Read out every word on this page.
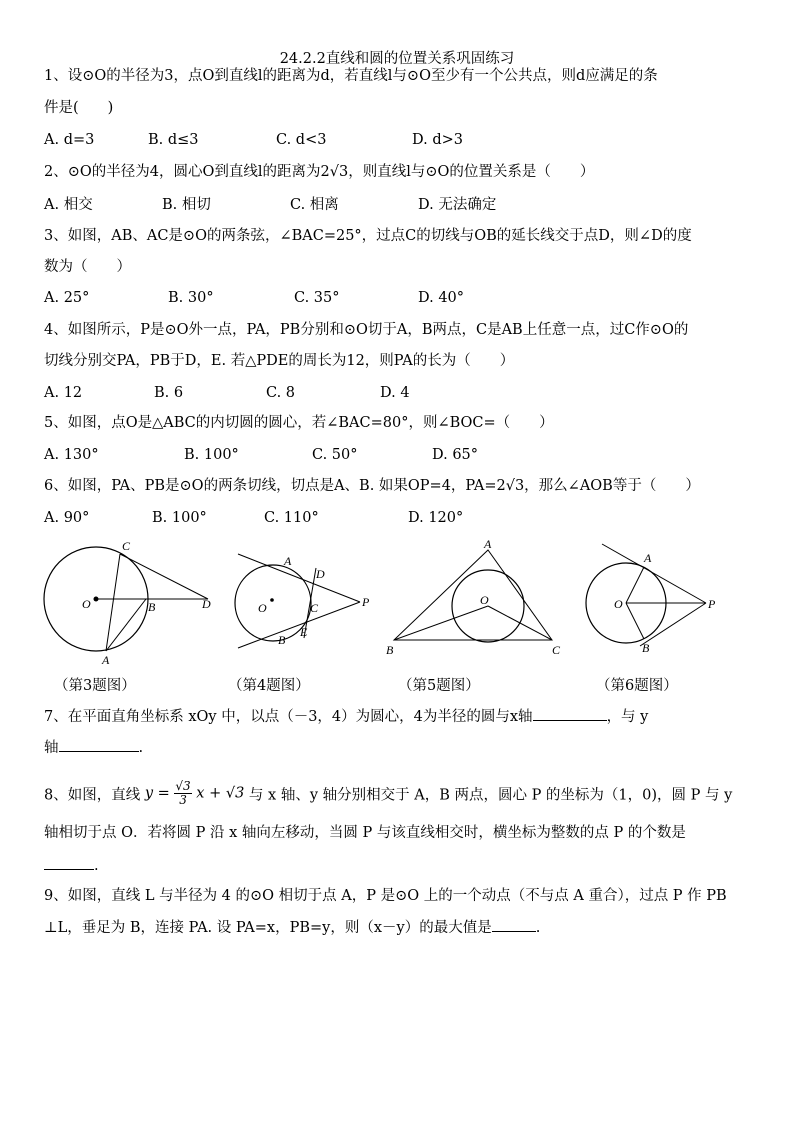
24.2.2直线和圆的位置关系巩固练习
1、设⊙O的半径为3，点O到直线l的距离为d，若直线l与⊙O至少有一个公共点，则d应满足的条
件是(　　)
A. d=3	B. d≤3	C. d<3	D. d>3
2、⊙O的半径为4，圆心O到直线l的距离为2√3，则直线l与⊙O的位置关系是（　　）
A. 相交	B. 相切	C. 相离	D. 无法确定
3、如图，AB、AC是⊙O的两条弦，∠BAC=25°，过点C的切线与OB的延长线交于点D，则∠D的度
数为（　　）
A. 25°	B. 30°	C. 35°	D. 40°
4、如图所示，P是⊙O外一点，PA，PB分别和⊙O切于A，B两点，C是AB上任意一点，过C作⊙O的
切线分别交PA，PB于D，E. 若△PDE的周长为12，则PA的长为（　　）
A. 12	B. 6	C. 8	D. 4
5、如图，点O是△ABC的内切圆的圆心，若∠BAC=80°，则∠BOC=（　　）
A. 130°	B. 100°	C. 50°	D. 65°
6、如图，PA、PB是⊙O的两条切线，切点是A、B. 如果OP=4，PA=2√3，那么∠AOB等于（　　）
A. 90°	B. 100°	C. 110°	D. 120°
C
O	B	D
A
A
D
O	C	P
E
B
A
O
B	C
A
O	P
B
（第3题图）	（第4题图）	（第5题图）	（第6题图）
7、在平面直角坐标系 xOy 中，以点（－3，4）为圆心，4为半径的圆与x轴	，与 y
轴	.
8、如图，直线 $y = \frac{√3}{3}$ x + √3 与 x 轴、y 轴分别相交于 A，B 两点，圆心 P 的坐标为（1，0)，圆 P 与 y
轴相切于点 O．若将圆 P 沿 x 轴向左移动，当圆 P 与该直线相交时，横坐标为整数的点 P 的个数是
.
9、如图，直线 L 与半径为 4 的⊙O 相切于点 A，P 是⊙O 上的一个动点（不与点 A 重合），过点 P 作 PB
⊥L，垂足为 B，连接 PA. 设 PA=x，PB=y，则（x－y）的最大值是	.
